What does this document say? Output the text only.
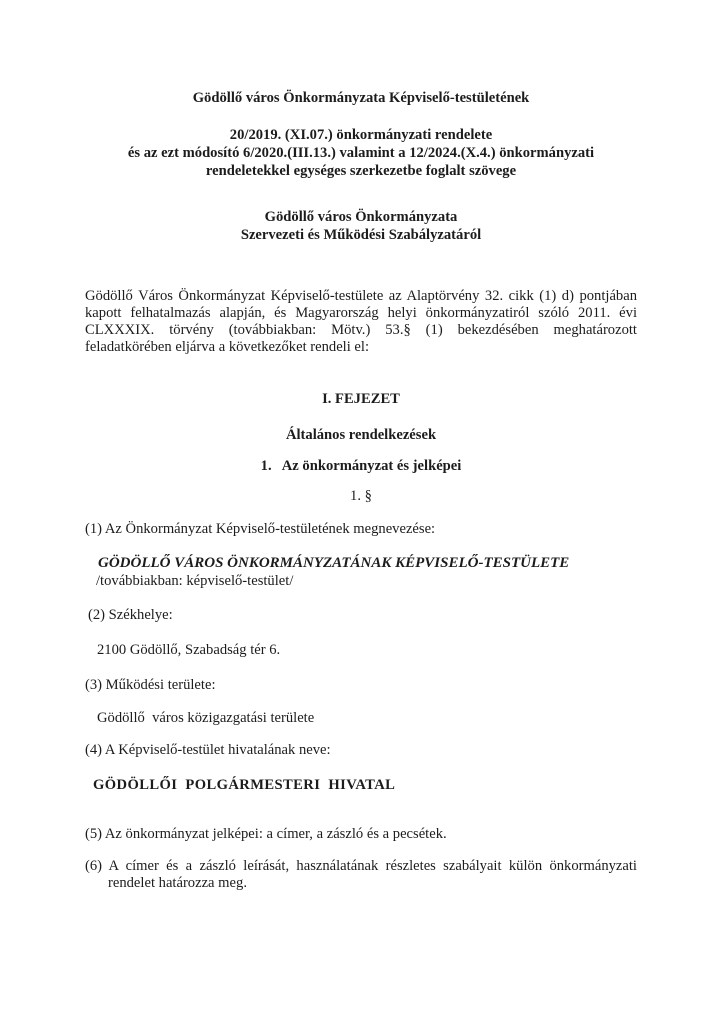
Gödöllő város Önkormányzata Képviselő-testületének

20/2019. (XI.07.) önkormányzati rendelete

és az ezt módosító 6/2020.(III.13.) valamint a 12/2024.(X.4.) önkormányzati

rendeletekkel egységes szerkezetbe foglalt szövege

Gödöllő város Önkormányzata

Szervezeti és Működési Szabályzatáról

Gödöllő Város Önkormányzat Képviselő-testülete az Alaptörvény 32. cikk (1) d) pontjában kapott felhatalmazás alapján, és Magyarország helyi önkormányzatiról szóló 2011. évi CLXXXIX. törvény (továbbiakban: Mötv.) 53.§ (1) bekezdésében meghatározott feladatkörében eljárva a következőket rendeli el:

I. FEJEZET

Általános rendelkezések

1.   Az önkormányzat és jelképei

1. §

(1) Az Önkormányzat Képviselő-testületének megnevezése:

GÖDÖLLŐ VÁROS ÖNKORMÁNYZATÁNAK KÉPVISELŐ-TESTÜLETE

/továbbiakban: képviselő-testület/

(2) Székhelye:

2100 Gödöllő, Szabadság tér 6.

(3) Működési területe:

Gödöllő  város közigazgatási területe

(4) A Képviselő-testület hivatalának neve:

GÖDÖLLŐI  POLGÁRMESTERI  HIVATAL

(5) Az önkormányzat jelképei: a címer, a zászló és a pecsétek.

(6) A címer és a zászló leírását, használatának részletes szabályait külön önkormányzati rendelet határozza meg.
